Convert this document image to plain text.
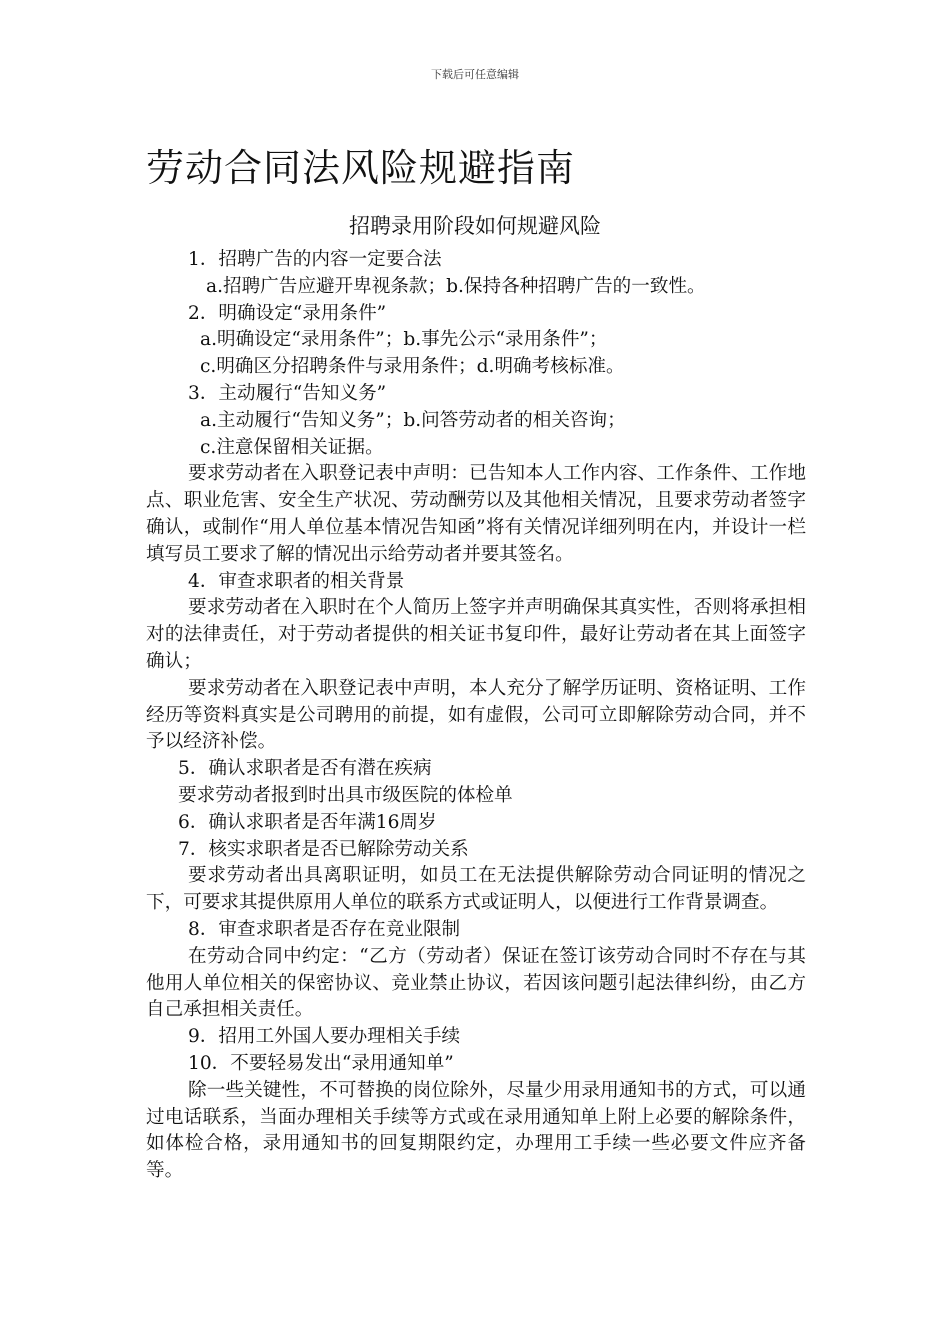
下载后可任意编辑
劳动合同法风险规避指南
招聘录用阶段如何规避风险

1．招聘广告的内容一定要合法

a.招聘广告应避开卑视条款；b.保持各种招聘广告的一致性。

2．明确设定“录用条件”

a.明确设定“录用条件”；b.事先公示“录用条件”；

c.明确区分招聘条件与录用条件；d.明确考核标准。

3．主动履行“告知义务”

a.主动履行“告知义务”；b.问答劳动者的相关咨询；

c.注意保留相关证据。

要求劳动者在入职登记表中声明：已告知本人工作内容、工作条件、工作地点、职业危害、安全生产状况、劳动酬劳以及其他相关情况，且要求劳动者签字确认，或制作“用人单位基本情况告知函”将有关情况详细列明在内，并设计一栏填写员工要求了解的情况出示给劳动者并要其签名。

4．审查求职者的相关背景

要求劳动者在入职时在个人简历上签字并声明确保其真实性，否则将承担相对的法律责任，对于劳动者提供的相关证书复印件，最好让劳动者在其上面签字确认；

要求劳动者在入职登记表中声明，本人充分了解学历证明、资格证明、工作经历等资料真实是公司聘用的前提，如有虚假，公司可立即解除劳动合同，并不予以经济补偿。

5．确认求职者是否有潜在疾病

要求劳动者报到时出具市级医院的体检单

6．确认求职者是否年满16周岁

7．核实求职者是否已解除劳动关系

要求劳动者出具离职证明，如员工在无法提供解除劳动合同证明的情况之下，可要求其提供原用人单位的联系方式或证明人，以便进行工作背景调查。

8．审查求职者是否存在竞业限制

在劳动合同中约定：“乙方（劳动者）保证在签订该劳动合同时不存在与其他用人单位相关的保密协议、竞业禁止协议，若因该问题引起法律纠纷，由乙方自己承担相关责任。

9．招用工外国人要办理相关手续

10．不要轻易发出“录用通知单”

除一些关键性，不可替换的岗位除外，尽量少用录用通知书的方式，可以通过电话联系，当面办理相关手续等方式或在录用通知单上附上必要的解除条件，如体检合格，录用通知书的回复期限约定，办理用工手续一些必要文件应齐备等。
